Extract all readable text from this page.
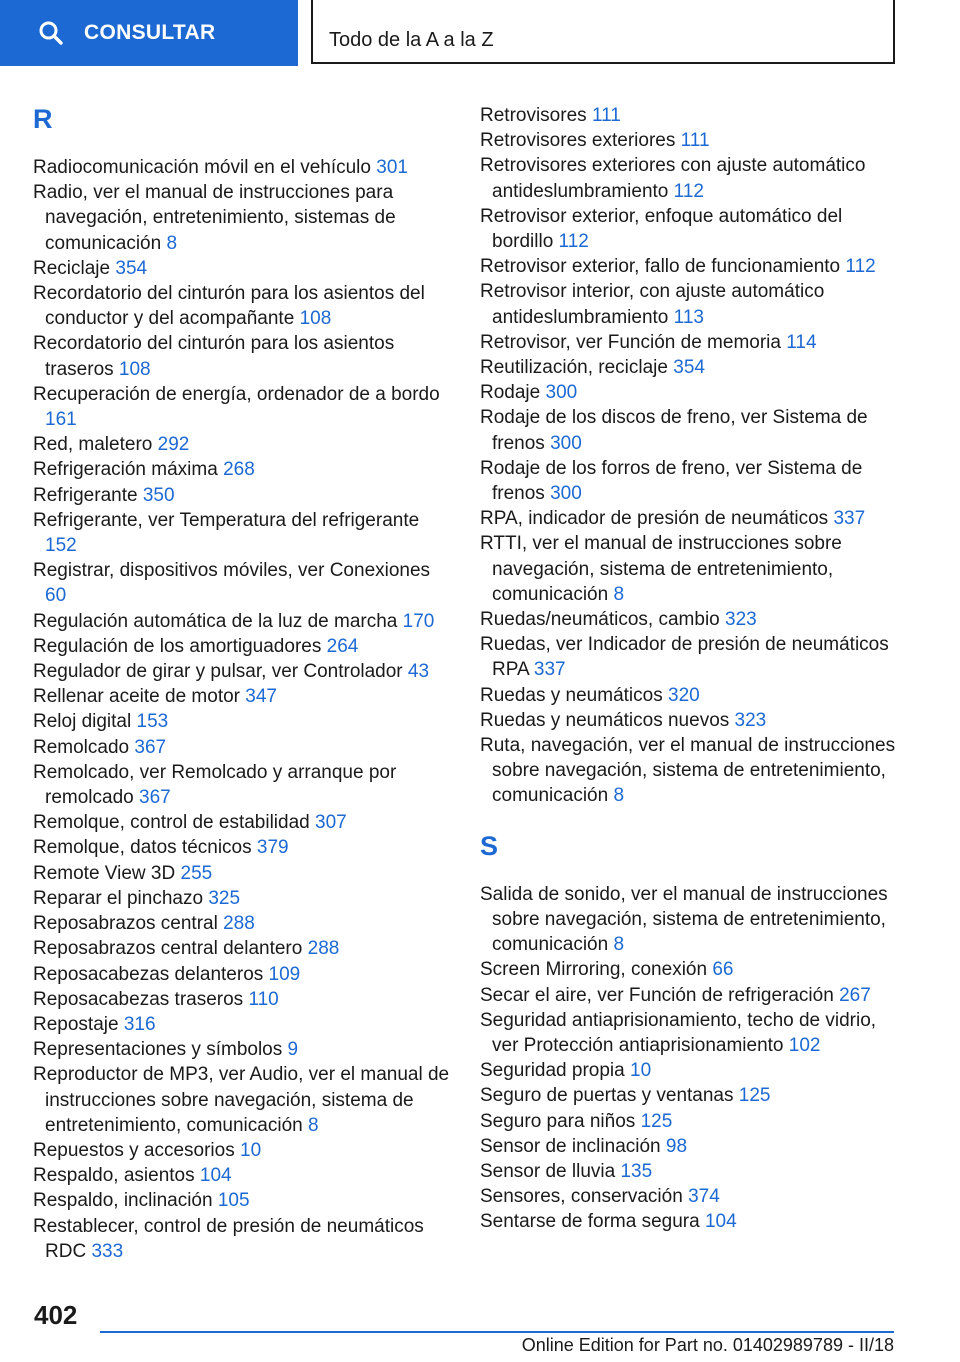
CONSULTAR	Todo de la A a la Z
R

Radiocomunicación móvil en el vehículo 301

Radio, ver el manual de instrucciones para navegación, entretenimiento, sistemas de comunicación 8

Reciclaje 354

Recordatorio del cinturón para los asientos del conductor y del acompañante 108

Recordatorio del cinturón para los asientos traseros 108

Recuperación de energía, ordenador de a bordo 161

Red, maletero 292

Refrigeración máxima 268

Refrigerante 350

Refrigerante, ver Temperatura del refrigerante 152

Registrar, dispositivos móviles, ver Conexiones 60

Regulación automática de la luz de marcha 170

Regulación de los amortiguadores 264

Regulador de girar y pulsar, ver Controlador 43

Rellenar aceite de motor 347

Reloj digital 153

Remolcado 367

Remolcado, ver Remolcado y arranque por remolcado 367

Remolque, control de estabilidad 307

Remolque, datos técnicos 379

Remote View 3D 255

Reparar el pinchazo 325

Reposabrazos central 288

Reposabrazos central delantero 288

Reposacabezas delanteros 109

Reposacabezas traseros 110

Repostaje 316

Representaciones y símbolos 9

Reproductor de MP3, ver Audio, ver el manual de instrucciones sobre navegación, sistema de entretenimiento, comunicación 8

Repuestos y accesorios 10

Respaldo, asientos 104

Respaldo, inclinación 105

Restablecer, control de presión de neumáticos RDC 333

Retrovisores 111

Retrovisores exteriores 111

Retrovisores exteriores con ajuste automático antideslumbramiento 112

Retrovisor exterior, enfoque automático del bordillo 112

Retrovisor exterior, fallo de funcionamiento 112

Retrovisor interior, con ajuste automático antideslumbramiento 113

Retrovisor, ver Función de memoria 114

Reutilización, reciclaje 354

Rodaje 300

Rodaje de los discos de freno, ver Sistema de frenos 300

Rodaje de los forros de freno, ver Sistema de frenos 300

RPA, indicador de presión de neumáticos 337

RTTI, ver el manual de instrucciones sobre navegación, sistema de entretenimiento, comunicación 8

Ruedas/neumáticos, cambio 323

Ruedas, ver Indicador de presión de neumáticos RPA 337

Ruedas y neumáticos 320

Ruedas y neumáticos nuevos 323

Ruta, navegación, ver el manual de instrucciones sobre navegación, sistema de entretenimiento, comunicación 8

S

Salida de sonido, ver el manual de instrucciones sobre navegación, sistema de entretenimiento, comunicación 8

Screen Mirroring, conexión 66

Secar el aire, ver Función de refrigeración 267

Seguridad antiaprisionamiento, techo de vidrio, ver Protección antiaprisionamiento 102

Seguridad propia 10

Seguro de puertas y ventanas 125

Seguro para niños 125

Sensor de inclinación 98

Sensor de lluvia 135

Sensores, conservación 374

Sentarse de forma segura 104

402
Online Edition for Part no. 01402989789 - II/18
